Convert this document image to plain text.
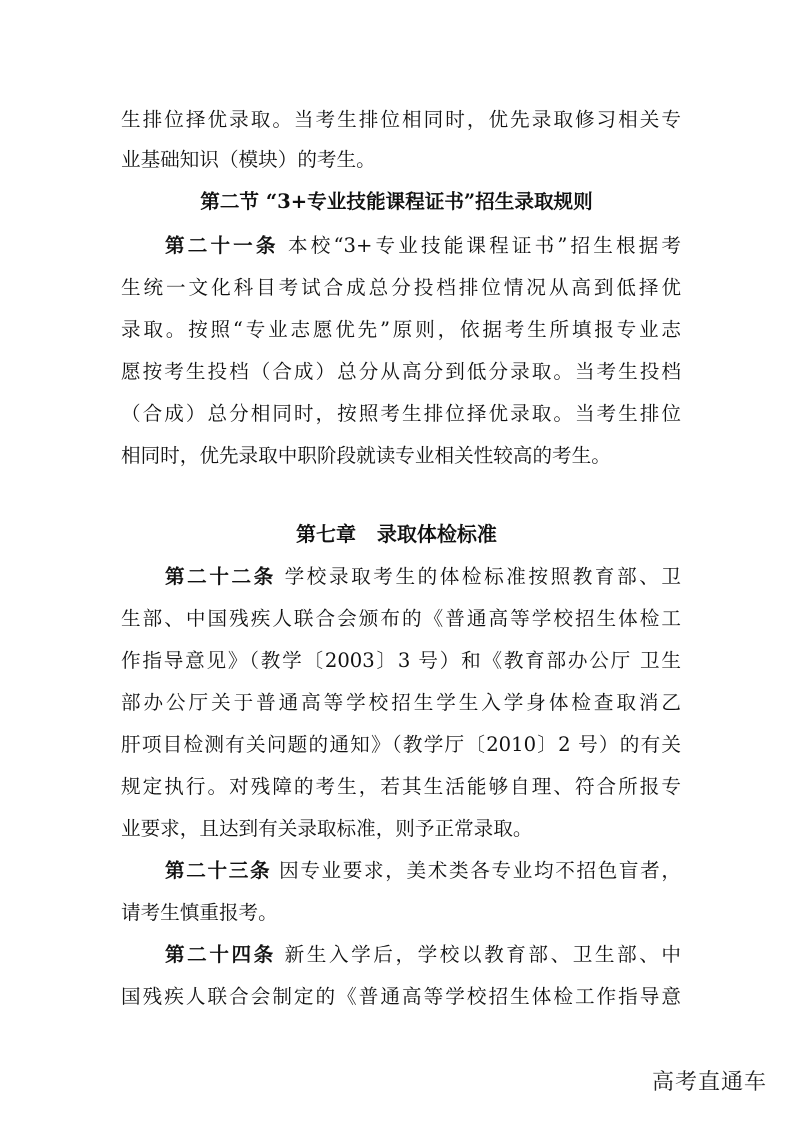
生排位择优录取。当考生排位相同时，优先录取修习相关专
业基础知识（模块）的考生。
第二节 “3+专业技能课程证书”招生录取规则
第二十一条 本校“3+专业技能课程证书”招生根据考
生统一文化科目考试合成总分投档排位情况从高到低择优
录取。按照“专业志愿优先”原则，依据考生所填报专业志
愿按考生投档（合成）总分从高分到低分录取。当考生投档
（合成）总分相同时，按照考生排位择优录取。当考生排位
相同时，优先录取中职阶段就读专业相关性较高的考生。
第七章   录取体检标准
第二十二条 学校录取考生的体检标准按照教育部、卫
生部、中国残疾人联合会颁布的《普通高等学校招生体检工
作指导意见》（教学〔2003〕3 号）和《教育部办公厅 卫生
部办公厅关于普通高等学校招生学生入学身体检查取消乙
肝项目检测有关问题的通知》（教学厅〔2010〕2 号）的有关
规定执行。对残障的考生，若其生活能够自理、符合所报专
业要求，且达到有关录取标准，则予正常录取。
第二十三条 因专业要求，美术类各专业均不招色盲者，
请考生慎重报考。
第二十四条 新生入学后，学校以教育部、卫生部、中
国残疾人联合会制定的《普通高等学校招生体检工作指导意
高考直通车
